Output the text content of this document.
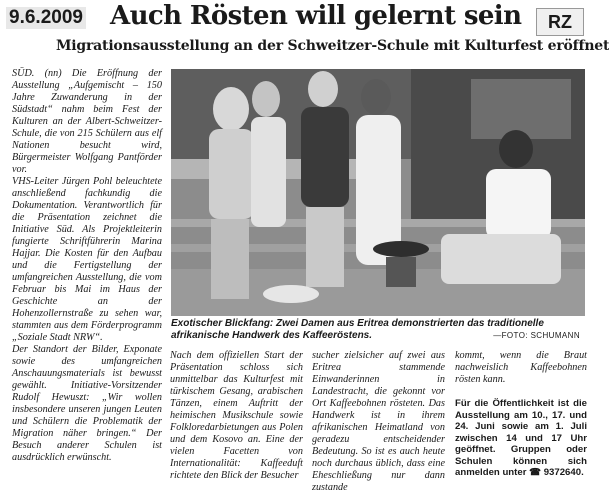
9.6.2009 Auch Rösten will gelernt sein	RZ
Migrationsausstellung an der Schweitzer-Schule mit Kulturfest eröffnet
SÜD. (nn) Die Eröffnung der Ausstellung „Aufgemischt – 150 Jahre Zuwanderung in der Südstadt“ nahm beim Fest der Kulturen an der Albert-Schweitzer-Schule, die von 215 Schülern aus elf Nationen besucht wird, Bürgermeister Wolfgang Pantförder vor.
VHS-Leiter Jürgen Pohl beleuchtete anschließend fachkundig die Dokumentation. Verantwortlich für die Präsentation zeichnet die Initiative Süd. Als Projektleiterin fungierte Schriftführerin Marina Hajjar. Die Kosten für den Aufbau und die Fertigstellung der umfangreichen Ausstellung, die vom Februar bis Mai im Haus der Geschichte an der Hohenzollernstraße zu sehen war, stammten aus dem Förderprogramm „Soziale Stadt NRW“.
Der Standort der Bilder, Exponate sowie des umfangreichen Anschauungsmaterials ist bewusst gewählt. Initiative-Vorsitzender Rudolf Hewuszt: „Wir wollen insbesondere unseren jungen Leuten und Schülern die Problematik der Migration näher bringen.“ Der Besuch anderer Schulen ist ausdrücklich erwünscht.
Exotischer Blickfang: Zwei Damen aus Eritrea demonstrierten das traditionelle afrikanische Handwerk des Kaffeeröstens.	—FOTO: SCHUMANN
Nach dem offiziellen Start der Präsentation schloss sich unmittelbar das Kulturfest mit türkischem Gesang, arabischen Tänzen, einem Auftritt der heimischen Musikschule sowie Folkloredarbietungen aus Polen und dem Kosovo an. Eine der vielen Facetten von Internationalität: Kaffeeduft richtete den Blick der Besucher
sucher zielsicher auf zwei aus Eritrea stammende Einwanderinnen in Landestracht, die gekonnt vor Ort Kaffeebohnen rösteten. Das Handwerk ist in ihrem afrikanischen Heimatland von geradezu entscheidender Bedeutung. So ist es auch heute noch durchaus üblich, dass eine Eheschließung nur dann zustande
kommt, wenn die Braut nachweislich Kaffeebohnen rösten kann.
Für die Öffentlichkeit ist die Ausstellung am 10., 17. und 24. Juni sowie am 1. Juli zwischen 14 und 17 Uhr geöffnet. Gruppen oder Schulen können sich anmelden unter ☎ 9372640.
